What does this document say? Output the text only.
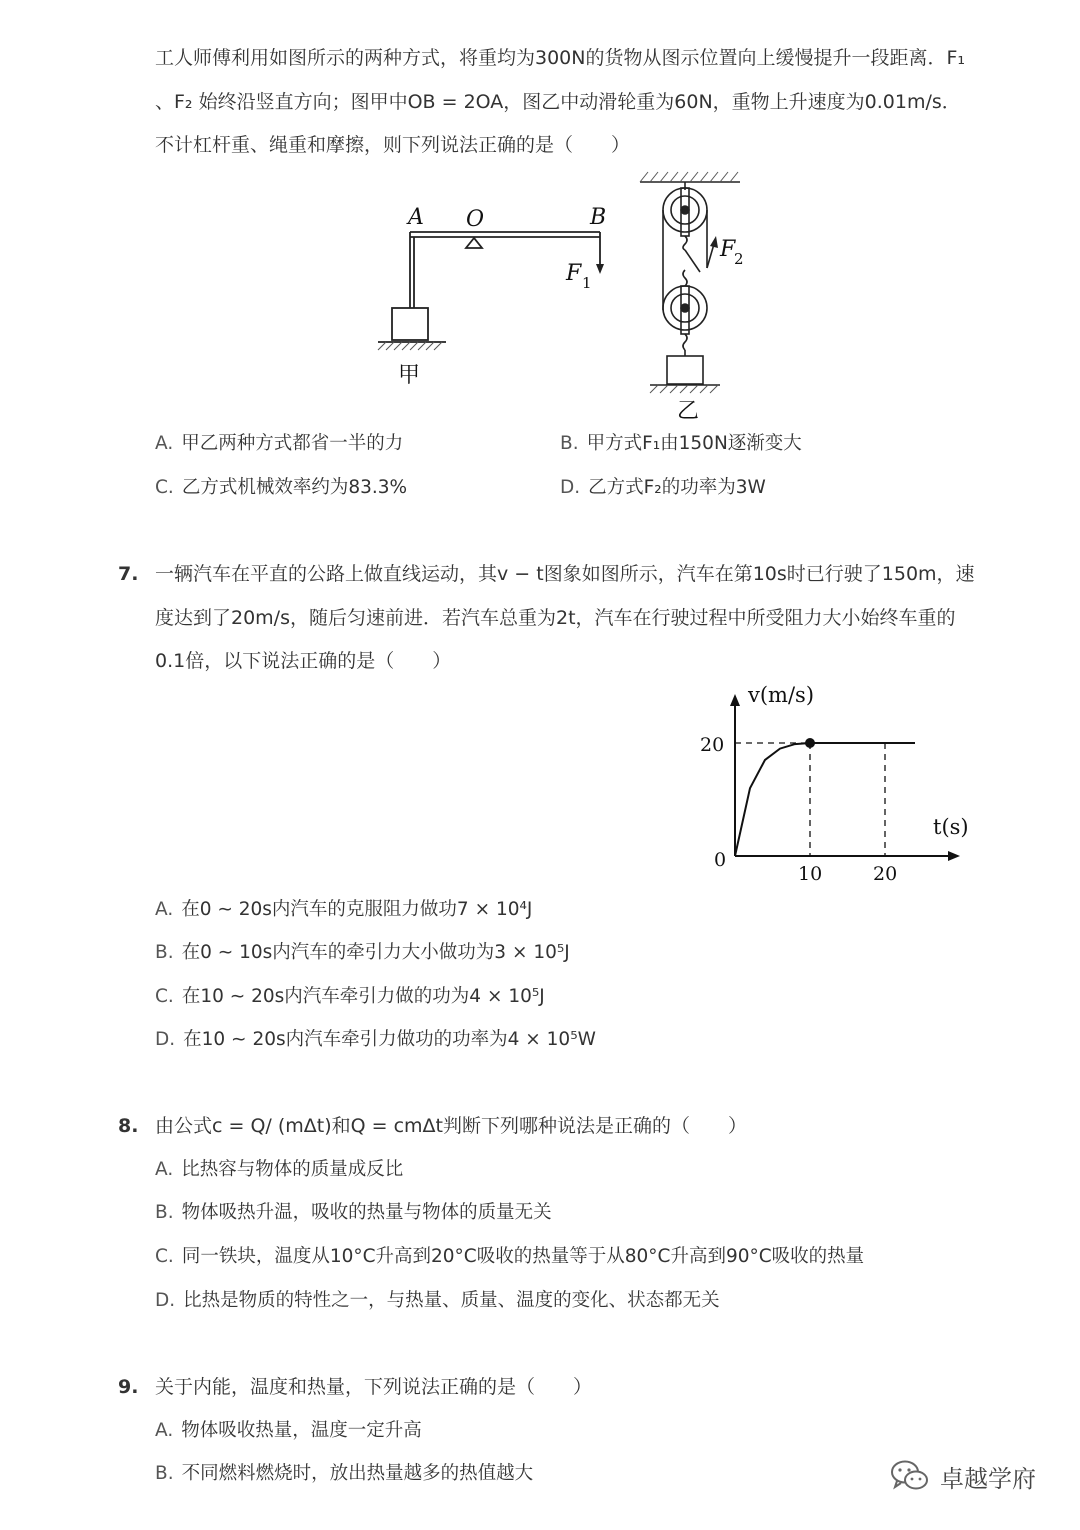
工人师傅利用如图所示的两种方式，将重均为300N的货物从图示位置向上缓慢提升一段距离．F₁
、F₂ 始终沿竖直方向；图甲中OB = 2OA，图乙中动滑轮重为60N，重物上升速度为0.01m/s．
不计杠杆重、绳重和摩擦，则下列说法正确的是（　　）
A O	B
F 1
甲
F
2
乙
A. 甲乙两种方式都省一半的力	B. 甲方式F₁由150N逐渐变大
C. 乙方式机械效率约为83.3%	D. 乙方式F₂的功率为3W
7. 一辆汽车在平直的公路上做直线运动，其v − t图象如图所示，汽车在第10s时已行驶了150m，速
度达到了20m/s，随后匀速前进．若汽车总重为2t，汽车在行驶过程中所受阻力大小始终车重的
0.1倍，以下说法正确的是（　　）
v(m/s)
t(s)
0
10	20
20
A. 在0 ∼ 20s内汽车的克服阻力做功7 × 10⁴J
B. 在0 ∼ 10s内汽车的牵引力大小做功为3 × 10⁵J
C. 在10 ∼ 20s内汽车牵引力做的功为4 × 10⁵J
D. 在10 ∼ 20s内汽车牵引力做功的功率为4 × 10⁵W
8. 由公式c = Q/ (mΔt)和Q = cmΔt判断下列哪种说法是正确的（　　）
A. 比热容与物体的质量成反比
B. 物体吸热升温，吸收的热量与物体的质量无关
C. 同一铁块，温度从10°C升高到20°C吸收的热量等于从80°C升高到90°C吸收的热量
D. 比热是物质的特性之一，与热量、质量、温度的变化、状态都无关
9. 关于内能，温度和热量，下列说法正确的是（　　）
A. 物体吸收热量，温度一定升高
B. 不同燃料燃烧时，放出热量越多的热值越大	卓越学府
